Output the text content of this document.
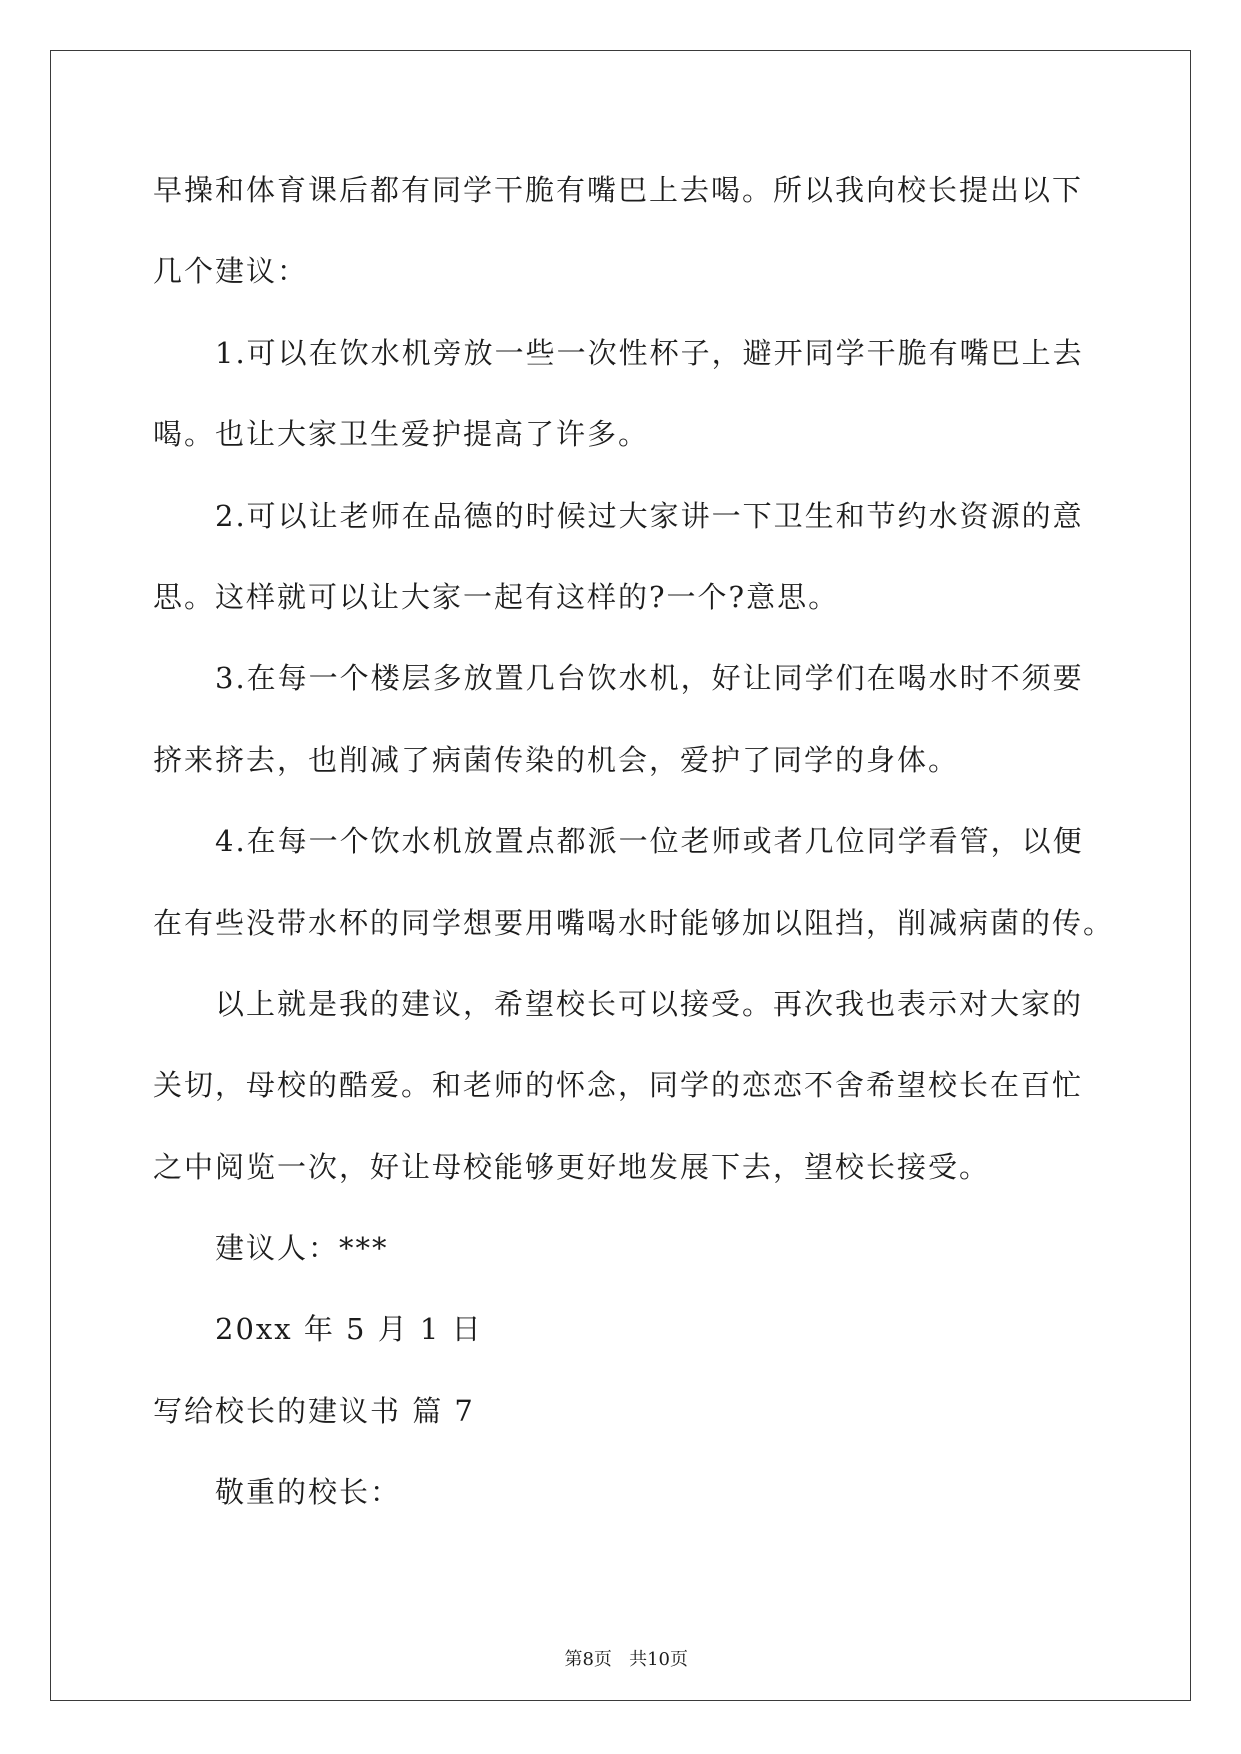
早操和体育课后都有同学干脆有嘴巴上去喝。所以我向校长提出以下
几个建议：
1.可以在饮水机旁放一些一次性杯子，避开同学干脆有嘴巴上去
喝。也让大家卫生爱护提高了许多。
2.可以让老师在品德的时候过大家讲一下卫生和节约水资源的意
思。这样就可以让大家一起有这样的?一个?意思。
3.在每一个楼层多放置几台饮水机，好让同学们在喝水时不须要
挤来挤去，也削减了病菌传染的机会，爱护了同学的身体。
4.在每一个饮水机放置点都派一位老师或者几位同学看管，以便
在有些没带水杯的同学想要用嘴喝水时能够加以阻挡，削减病菌的传。
以上就是我的建议，希望校长可以接受。再次我也表示对大家的
关切，母校的酷爱。和老师的怀念，同学的恋恋不舍希望校长在百忙
之中阅览一次，好让母校能够更好地发展下去，望校长接受。
建议人：***
20xx 年 5 月 1 日
写给校长的建议书 篇 7
敬重的校长：

第8页   共10页
